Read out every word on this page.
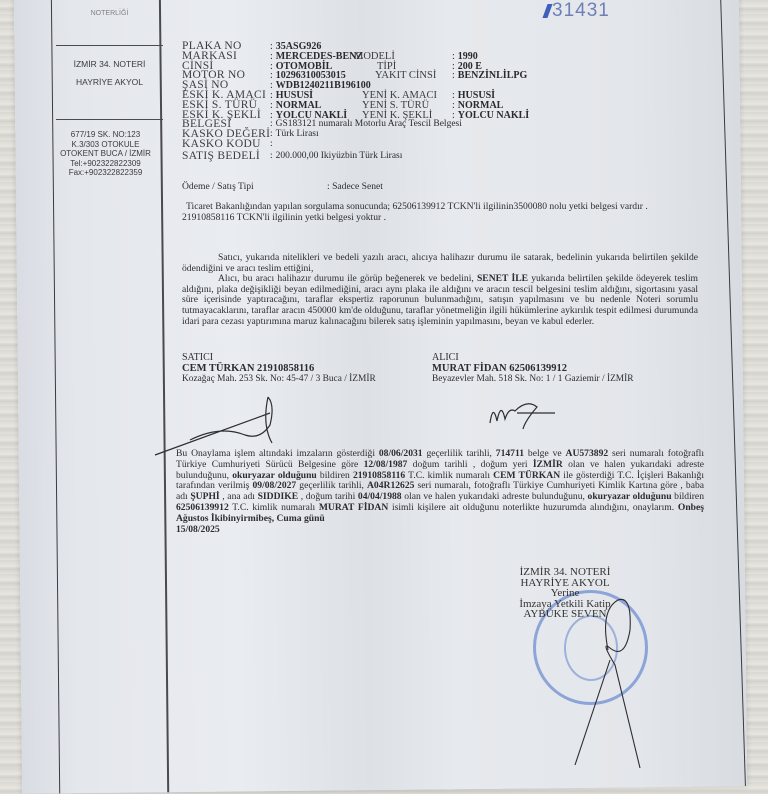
NOTERLİĞİ
İZMİR 34. NOTERİ
HAYRİYE AKYOL
677/19 SK. NO:123
K.3/303 OTOKULE
OTOKENT BUCA / İZMİR
Tel:+902322822309
Fax:+902322822359
31431
PLAKA NO	: 35ASG926
MARKASI	: MERCEDES-BENZ
MODELİ	: 1990
CİNSİ	: OTOMOBİL	TİPİ	: 200 E
MOTOR NO	: 10296310053015	YAKIT CİNSİ	: BENZİNLİLPG
ŞASİ NO	: WDB1240211B196100
ESKİ K. AMACI : HUSUSİ	YENİ K. AMACI	: HUSUSİ
ESKİ S. TÜRÜ	: NORMAL	YENİ S. TÜRÜ	: NORMAL
ESKİ K. ŞEKLİ	: YOLCU NAKLİ YENİ K. ŞEKLİ	: YOLCU NAKLİ
BELGESİ	: GS183121 numaralı Motorlu Araç Tescil Belgesi
KASKO DEĞERİ : Türk Lirası
KASKO KODU
:
SATIŞ BEDELİ	: 200.000,00 Ikiyüzbin Türk Lirası
Ödeme / Satış Tipi	: Sadece Senet
Ticaret Bakanlığından yapılan sorgulama sonucunda; 62506139912 TCKN'li ilgilinin3500080 nolu yetki belgesi vardır .
21910858116 TCKN'li ilgilinin yetki belgesi yoktur .

Satıcı, yukarıda nitelikleri ve bedeli yazılı aracı, alıcıya halihazır durumu ile satarak, bedelinin yukarıda belirtilen şekilde ödendiğini ve aracı teslim ettiğini,

Alıcı, bu aracı halihazır durumu ile görüp beğenerek ve bedelini, SENET İLE yukarıda belirtilen şekilde ödeyerek teslim aldığını, plaka değişikliği beyan edilmediğini, aracı aynı plaka ile aldığını ve aracın tescil belgesini teslim aldığını, sigortasını yasal süre içerisinde yaptıracağını, taraflar ekspertiz raporunun bulunmadığını, satışın yapılmasını ve bu nedenle Noteri sorumlu tutmayacaklarını, taraflar aracın 450000 km'de olduğunu, taraflar yönetmeliğin ilgili hükümlerine aykırılık tespit edilmesi durumunda idari para cezası yaptırımına maruz kalınacağını bilerek satış işleminin yapılmasını, beyan ve kabul ederler.

SATICI
CEM TÜRKAN 21910858116
Kozağaç Mah. 253 Sk. No: 45-47 / 3 Buca / İZMİR
ALICI
MURAT FİDAN 62506139912
Beyazevler Mah. 518 Sk. No: 1 / 1 Gaziemir / İZMİR
Bu Onaylama işlem altındaki imzaların gösterdiği 08/06/2031 geçerlilik tarihli, 714711 belge ve AU573892 seri numaralı fotoğraflı Türkiye Cumhuriyeti Sürücü Belgesine göre 12/08/1987 doğum tarihli , doğum yeri İZMİR olan ve halen yukarıdaki adreste bulunduğunu, okuryazar olduğunu bildiren 21910858116 T.C. kimlik numaralı CEM TÜRKAN ile gösterdiği T.C. İçişleri Bakanlığı tarafından verilmiş 09/08/2027 geçerlilik tarihli, A04R12625 seri numaralı, fotoğraflı Türkiye Cumhuriyeti Kimlik Kartına göre , baba adı ŞUPHİ , ana adı SIDDIKE , doğum tarihi 04/04/1988 olan ve halen yukarıdaki adreste bulunduğunu, okuryazar olduğunu bildiren 62506139912 T.C. kimlik numaralı MURAT FİDAN isimli kişilere ait olduğunu noterlikte huzurumda alındığını, onaylarım. Onbeş Ağustos İkibinyirmibeş, Cuma günü
15/08/2025
İZMİR 34. NOTERİ
HAYRİYE AKYOL
Yerine
İmzaya Yetkili Katip
AYBÜKE SEVEN
